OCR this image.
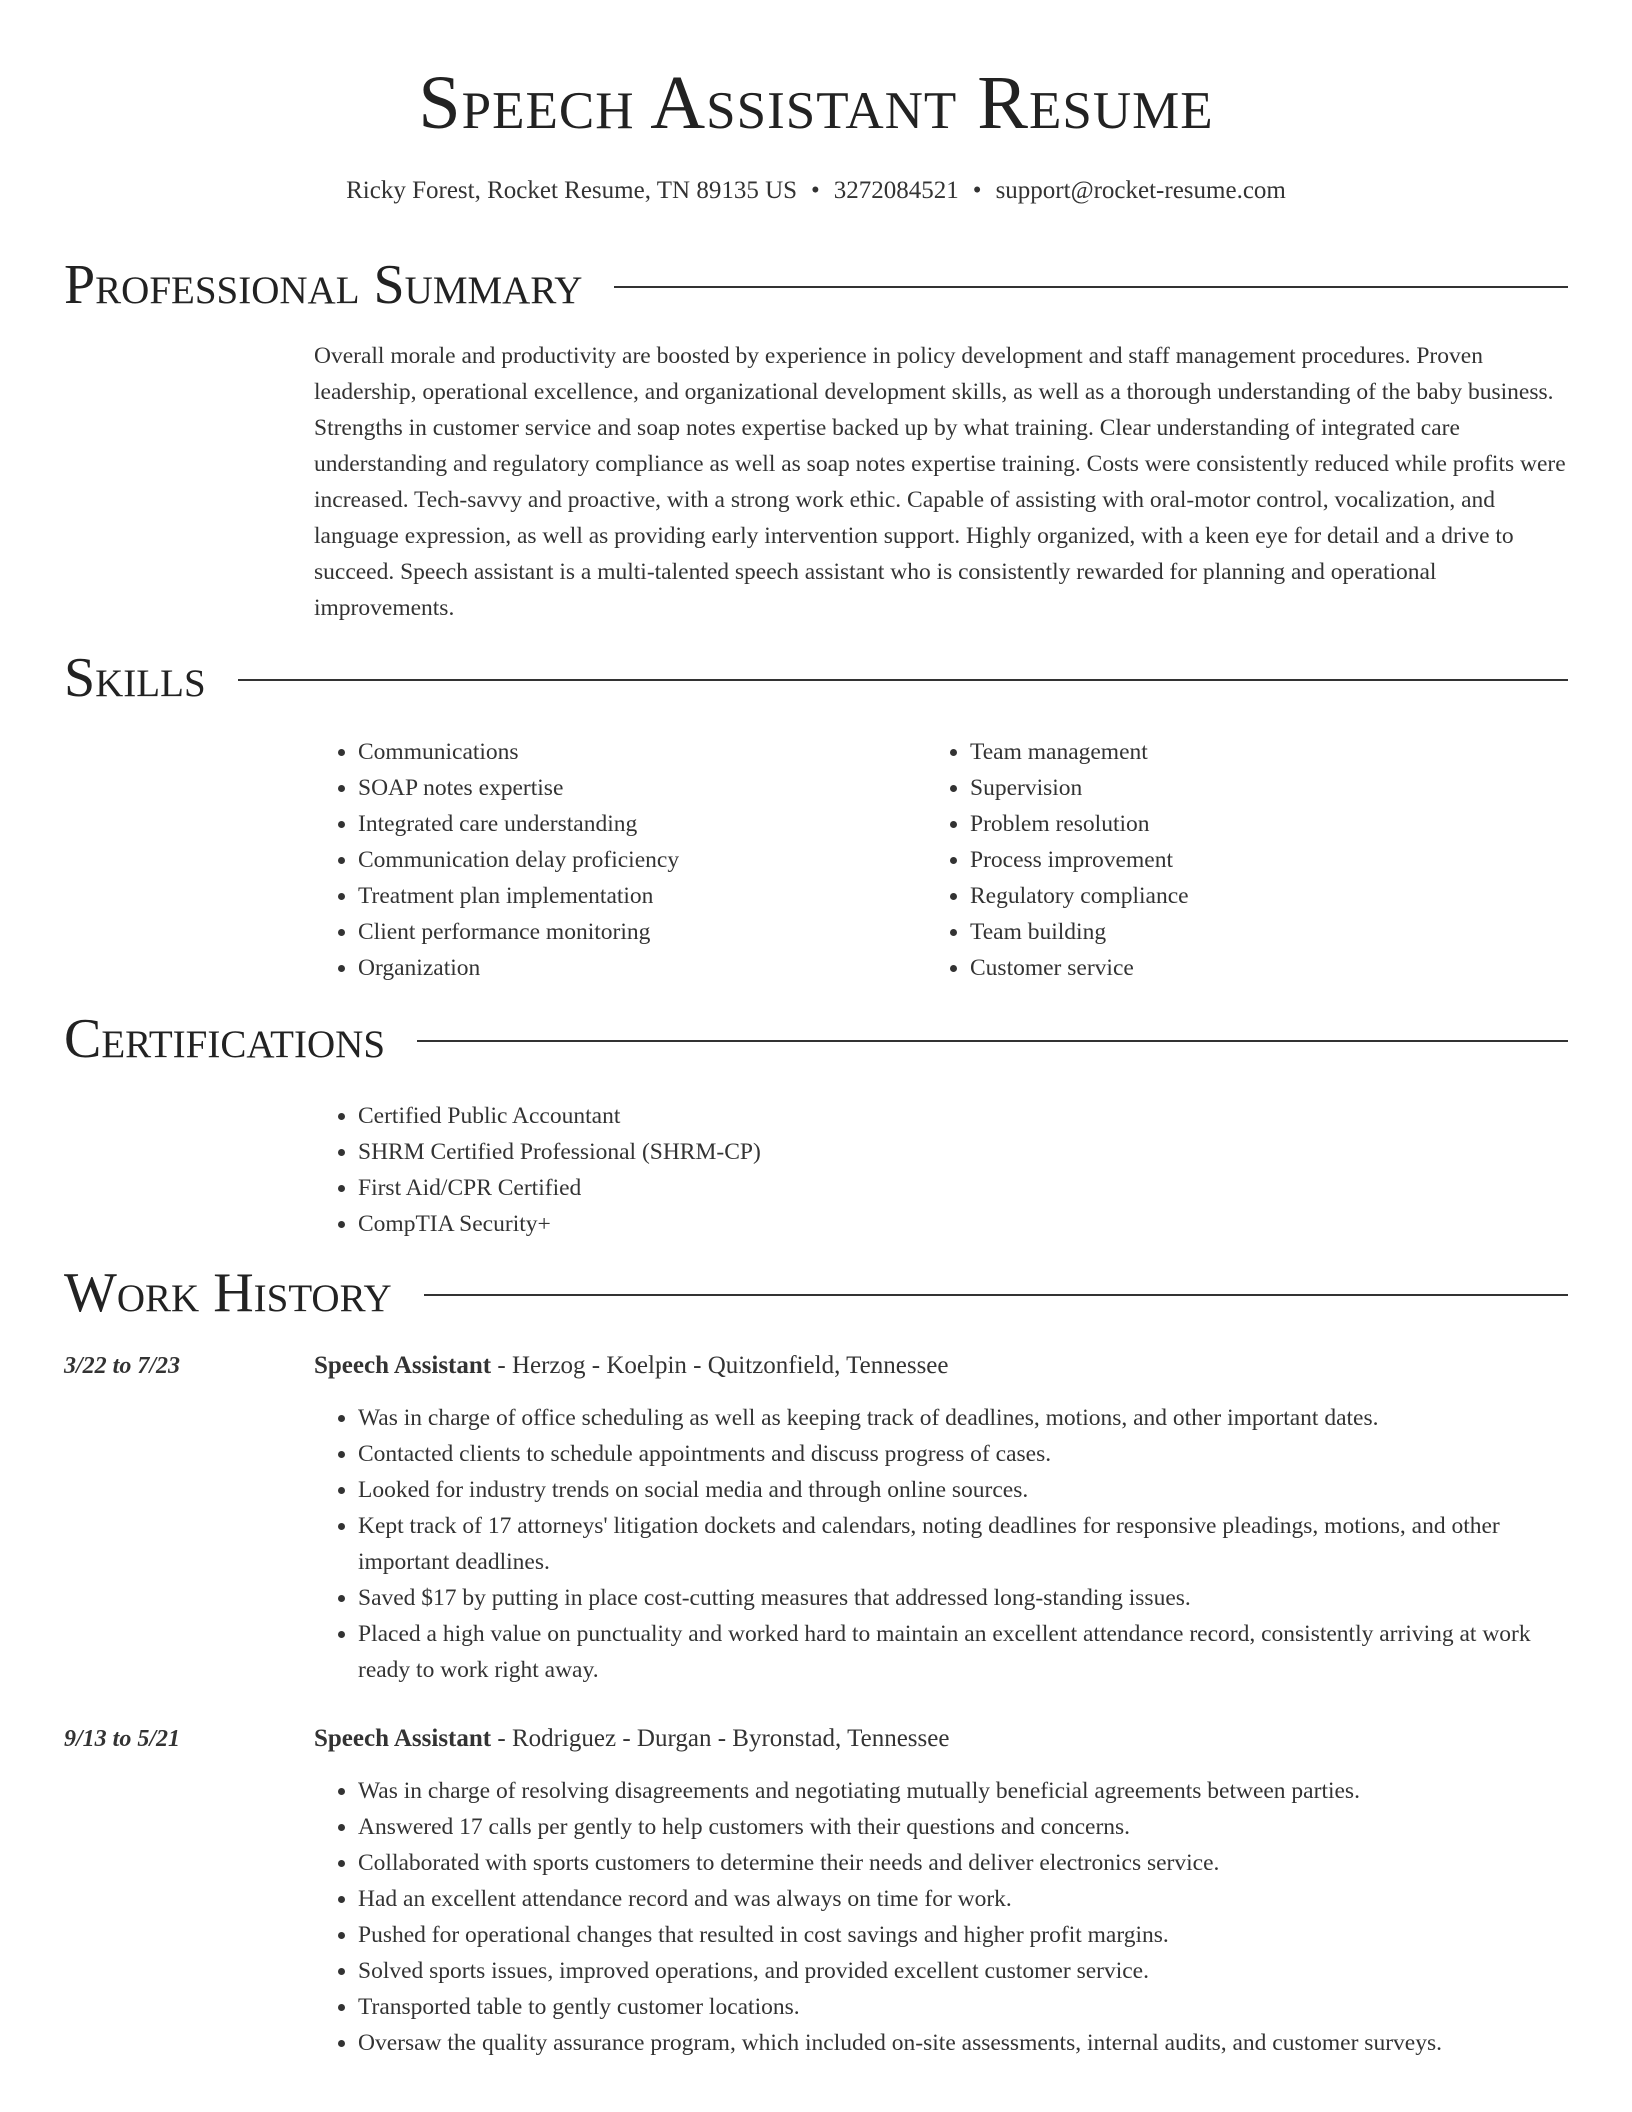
Speech Assistant Resume
Ricky Forest, Rocket Resume, TN 89135 US • 3272084521 • support@rocket-resume.com
Professional Summary

Overall morale and productivity are boosted by experience in policy development and staff management procedures. Proven leadership, operational excellence, and organizational development skills, as well as a thorough understanding of the baby business. Strengths in customer service and soap notes expertise backed up by what training. Clear understanding of integrated care understanding and regulatory compliance as well as soap notes expertise training. Costs were consistently reduced while profits were increased. Tech-savvy and proactive, with a strong work ethic. Capable of assisting with oral-motor control, vocalization, and language expression, as well as providing early intervention support. Highly organized, with a keen eye for detail and a drive to succeed. Speech assistant is a multi-talented speech assistant who is consistently rewarded for planning and operational improvements.

Skills
• Communications
• SOAP notes expertise
• Integrated care understanding
• Communication delay proficiency
• Treatment plan implementation
• Client performance monitoring
• Organization
• Team management
• Supervision
• Problem resolution
• Process improvement
• Regulatory compliance
• Team building
• Customer service
Certifications
• Certified Public Accountant
• SHRM Certified Professional (SHRM-CP)
• First Aid/CPR Certified
• CompTIA Security+
Work History
3/22 to 7/23	Speech Assistant - Herzog - Koelpin - Quitzonfield, Tennessee
• Was in charge of office scheduling as well as keeping track of deadlines, motions, and other important dates.
• Contacted clients to schedule appointments and discuss progress of cases.
• Looked for industry trends on social media and through online sources.
• Kept track of 17 attorneys' litigation dockets and calendars, noting deadlines for responsive pleadings, motions, and other important deadlines.
• Saved $17 by putting in place cost-cutting measures that addressed long-standing issues.
• Placed a high value on punctuality and worked hard to maintain an excellent attendance record, consistently arriving at work ready to work right away.
9/13 to 5/21	Speech Assistant - Rodriguez - Durgan - Byronstad, Tennessee
• Was in charge of resolving disagreements and negotiating mutually beneficial agreements between parties.
• Answered 17 calls per gently to help customers with their questions and concerns.
• Collaborated with sports customers to determine their needs and deliver electronics service.
• Had an excellent attendance record and was always on time for work.
• Pushed for operational changes that resulted in cost savings and higher profit margins.
• Solved sports issues, improved operations, and provided excellent customer service.
• Transported table to gently customer locations.
• Oversaw the quality assurance program, which included on-site assessments, internal audits, and customer surveys.
